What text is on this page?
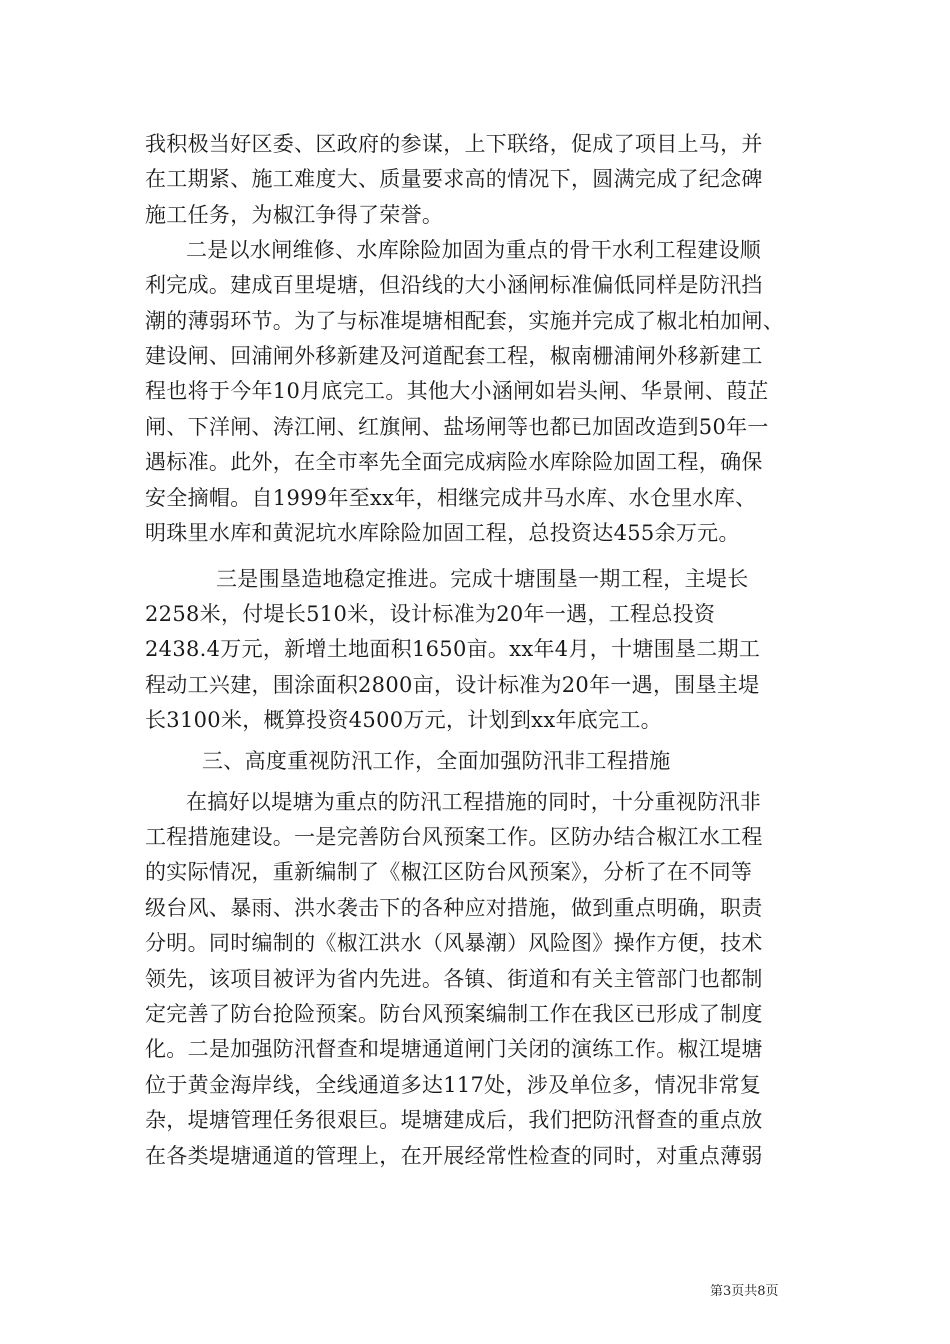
我积极当好区委、区政府的参谋，上下联络，促成了项目上马，并
在工期紧、施工难度大、质量要求高的情况下，圆满完成了纪念碑
施工任务，为椒江争得了荣誉。
二是以水闸维修、水库除险加固为重点的骨干水利工程建设顺
利完成。建成百里堤塘，但沿线的大小涵闸标准偏低同样是防汛挡
潮的薄弱环节。为了与标准堤塘相配套，实施并完成了椒北柏加闸、
建设闸、回浦闸外移新建及河道配套工程，椒南栅浦闸外移新建工
程也将于今年10月底完工。其他大小涵闸如岩头闸、华景闸、葭芷
闸、下洋闸、涛江闸、红旗闸、盐场闸等也都已加固改造到50年一
遇标准。此外，在全市率先全面完成病险水库除险加固工程，确保
安全摘帽。自1999年至xx年，相继完成井马水库、水仓里水库、
明珠里水库和黄泥坑水库除险加固工程，总投资达455余万元。
三是围垦造地稳定推进。完成十塘围垦一期工程，主堤长
2258米，付堤长510米，设计标准为20年一遇，工程总投资
2438.4万元，新增土地面积1650亩。xx年4月，十塘围垦二期工
程动工兴建，围涂面积2800亩，设计标准为20年一遇，围垦主堤
长3100米，概算投资4500万元，计划到xx年底完工。
三、高度重视防汛工作，全面加强防汛非工程措施
在搞好以堤塘为重点的防汛工程措施的同时，十分重视防汛非
工程措施建设。一是完善防台风预案工作。区防办结合椒江水工程
的实际情况，重新编制了《椒江区防台风预案》，分析了在不同等
级台风、暴雨、洪水袭击下的各种应对措施，做到重点明确，职责
分明。同时编制的《椒江洪水（风暴潮）风险图》操作方便，技术
领先，该项目被评为省内先进。各镇、街道和有关主管部门也都制
定完善了防台抢险预案。防台风预案编制工作在我区已形成了制度
化。二是加强防汛督查和堤塘通道闸门关闭的演练工作。椒江堤塘
位于黄金海岸线，全线通道多达117处，涉及单位多，情况非常复
杂，堤塘管理任务很艰巨。堤塘建成后，我们把防汛督查的重点放
在各类堤塘通道的管理上，在开展经常性检查的同时，对重点薄弱
第3页共8页
